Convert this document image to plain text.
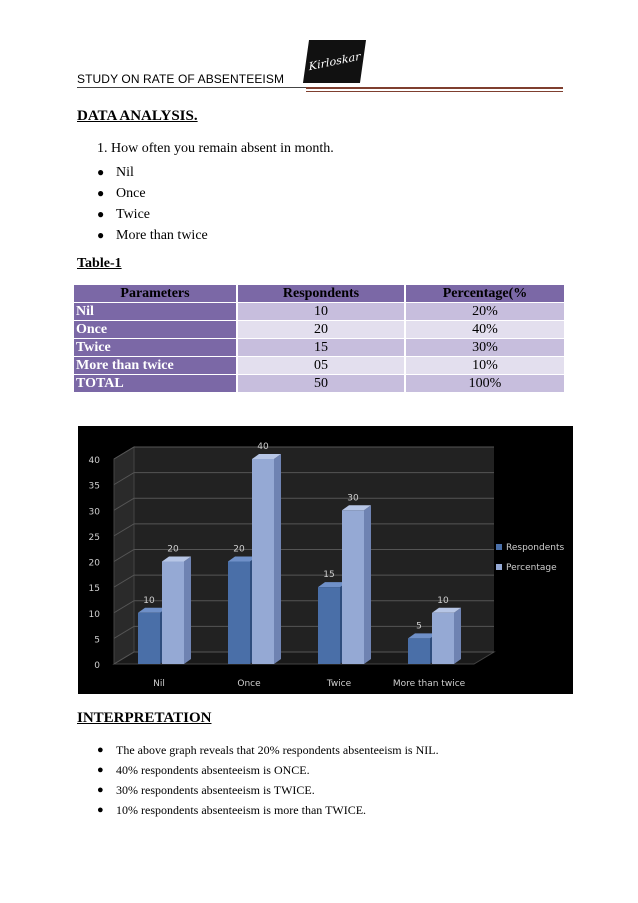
STUDY ON RATE OF ABSENTEEISM
Kirloskar
DATA ANALYSIS.
1. How often you remain absent in month.
● Nil
● Once
● Twice
● More than twice
Table-1
Parameters	Respondents	Percentage(%
Nil	10	20%
Once	20	40%
Twice	15	30%
More than twice	05	10%
TOTAL	50	100%
0
5
10
15
20
25
30
35
40
10
20
Nil
20
40
Once
15
30
Twice
5
10
More than twice
Respondents
Percentage
INTERPRETATION
●	The above graph reveals that 20% respondents absenteeism is NIL.
●	40% respondents absenteeism is ONCE.
●	30% respondents absenteeism is TWICE.
●	10% respondents absenteeism is more than TWICE.
